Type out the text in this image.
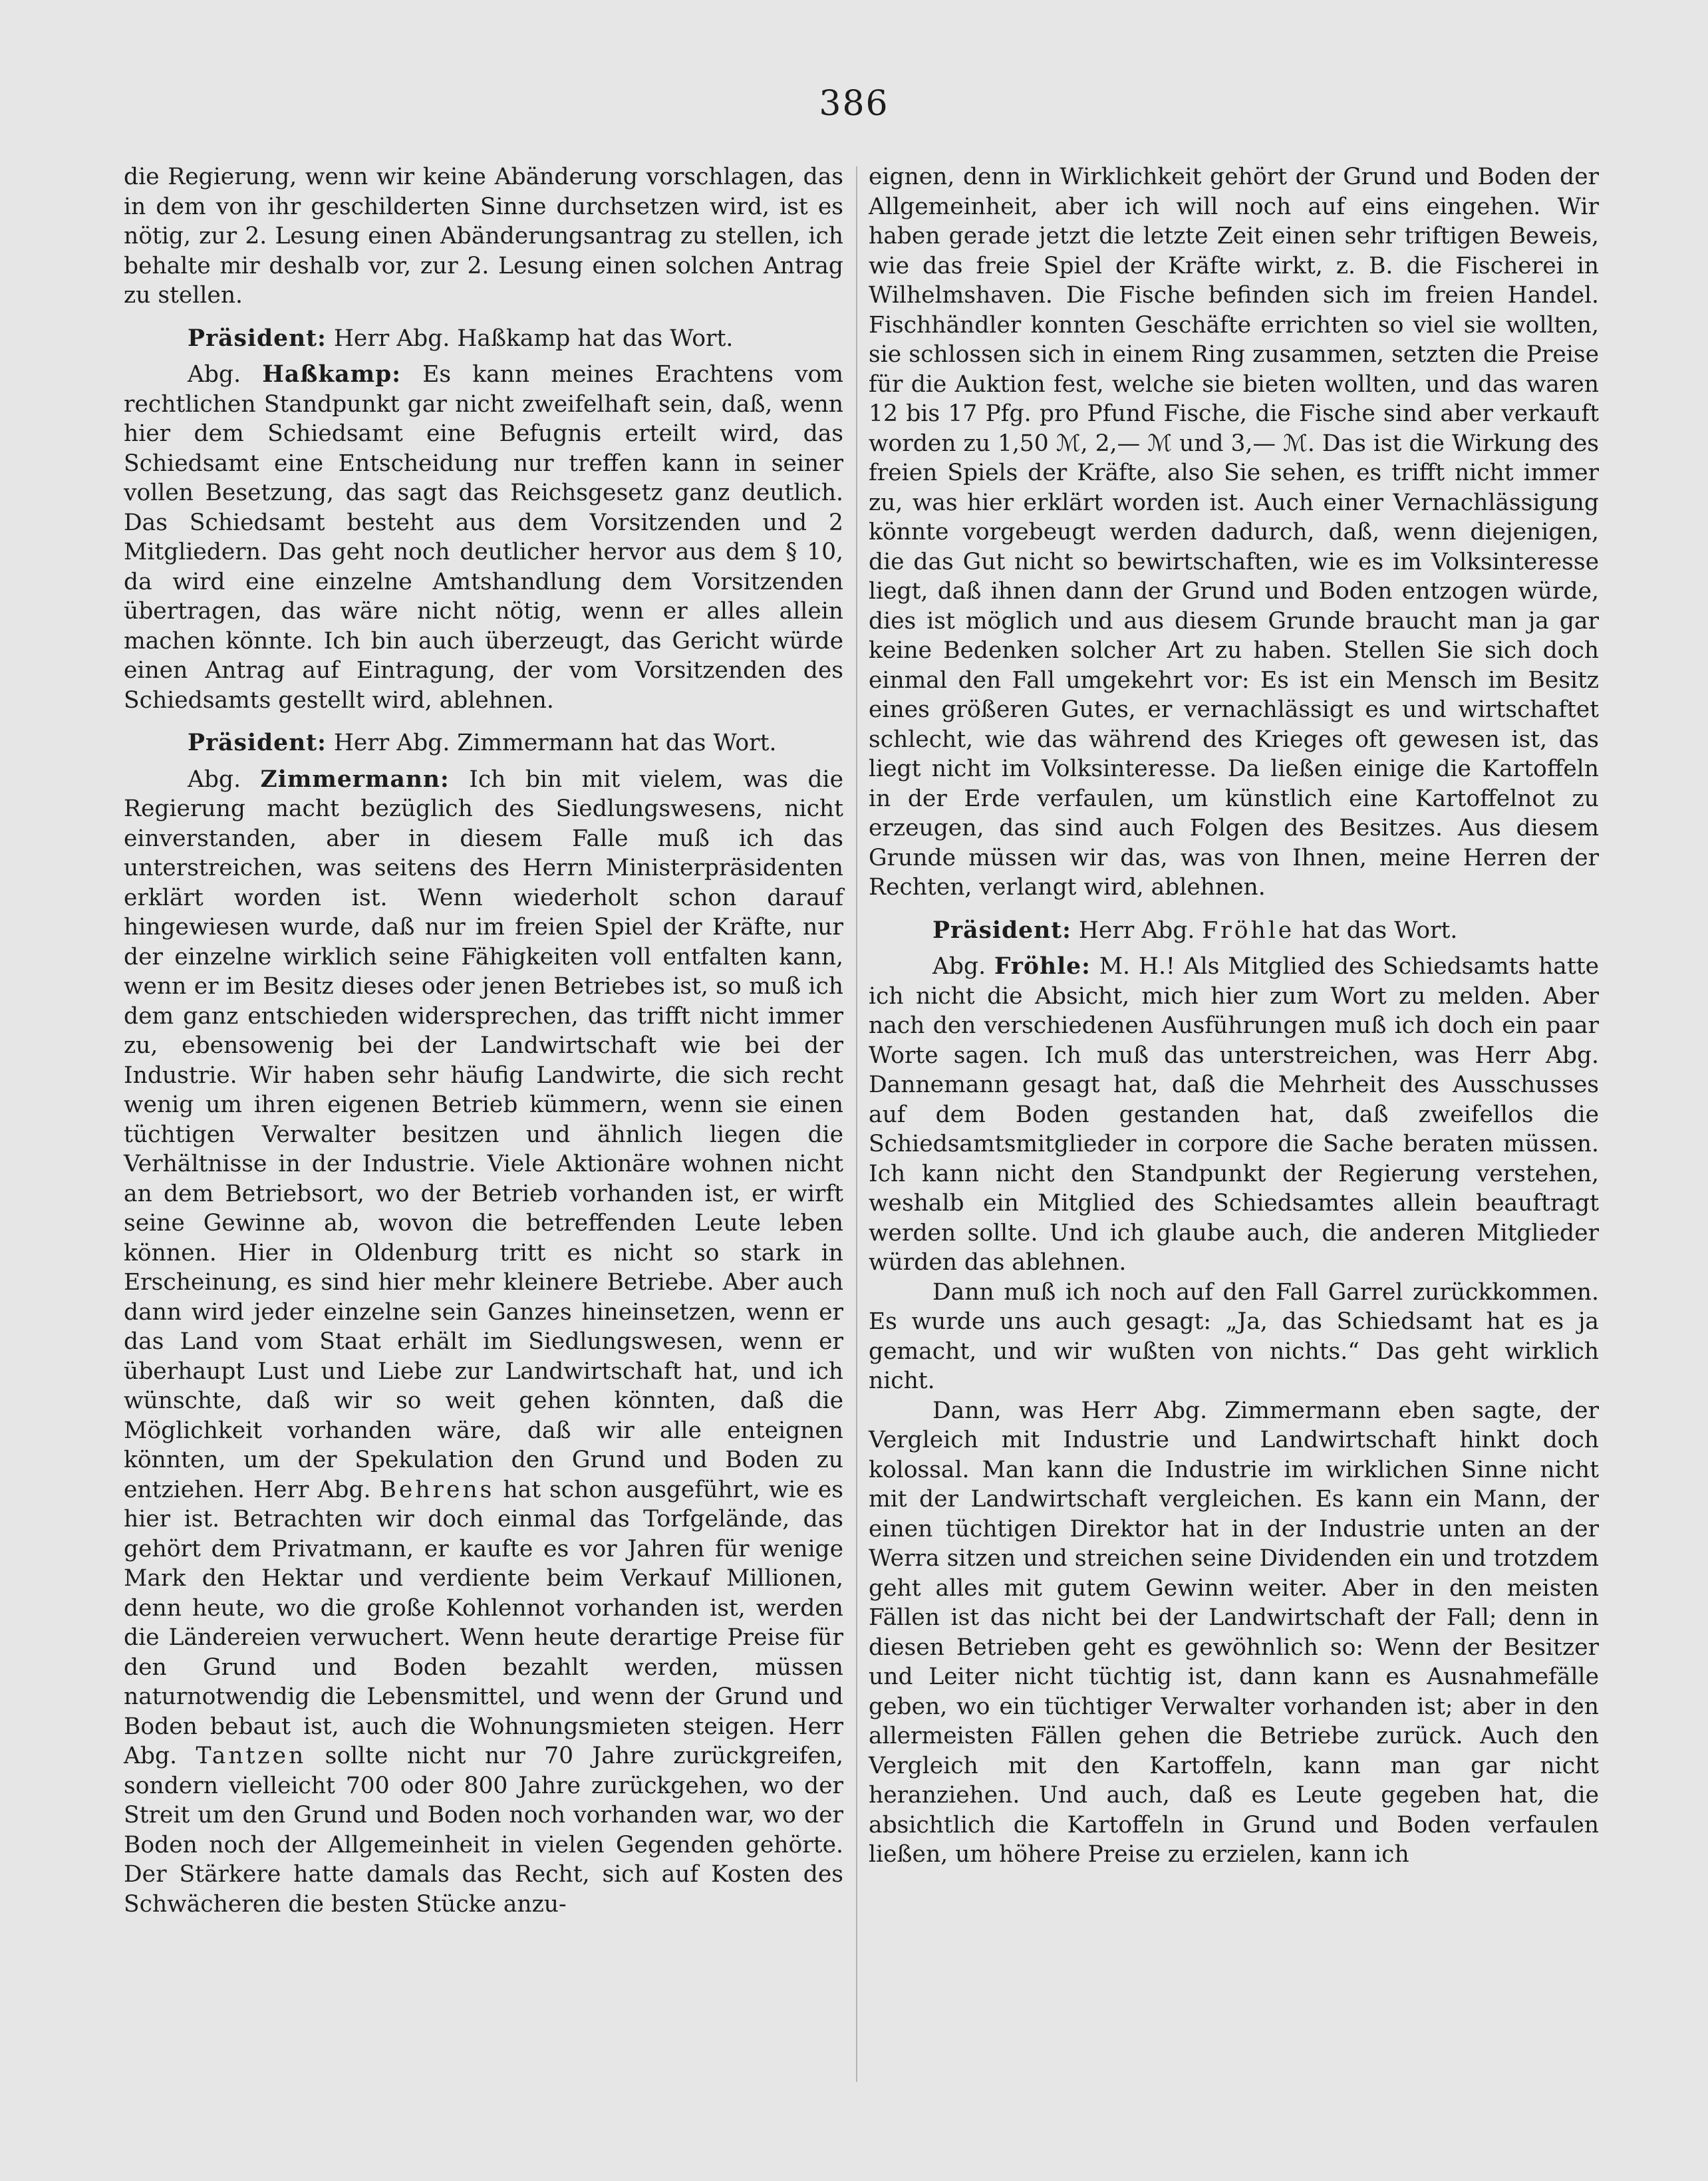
386

die Regierung, wenn wir keine Abänderung vorschlagen, das in dem von ihr geschilderten Sinne durchsetzen wird, ist es nötig, zur 2. Lesung einen Abänderungsantrag zu stellen, ich behalte mir deshalb vor, zur 2. Lesung einen solchen Antrag zu stellen.

Präsident: Herr Abg. Haßkamp hat das Wort.

Abg. Haßkamp: Es kann meines Erachtens vom rechtlichen Standpunkt gar nicht zweifelhaft sein, daß, wenn hier dem Schiedsamt eine Befugnis erteilt wird, das Schiedsamt eine Entscheidung nur treffen kann in seiner vollen Besetzung, das sagt das Reichsgesetz ganz deutlich. Das Schiedsamt besteht aus dem Vorsitzenden und 2 Mitgliedern. Das geht noch deutlicher hervor aus dem § 10, da wird eine einzelne Amtshandlung dem Vorsitzenden übertragen, das wäre nicht nötig, wenn er alles allein machen könnte. Ich bin auch überzeugt, das Gericht würde einen Antrag auf Eintragung, der vom Vorsitzenden des Schiedsamts gestellt wird, ablehnen.

Präsident: Herr Abg. Zimmermann hat das Wort.

Abg. Zimmermann: Ich bin mit vielem, was die Regierung macht bezüglich des Siedlungswesens, nicht einverstanden, aber in diesem Falle muß ich das unterstreichen, was seitens des Herrn Ministerpräsidenten erklärt worden ist. Wenn wiederholt schon darauf hingewiesen wurde, daß nur im freien Spiel der Kräfte, nur der einzelne wirklich seine Fähigkeiten voll entfalten kann, wenn er im Besitz dieses oder jenen Betriebes ist, so muß ich dem ganz entschieden widersprechen, das trifft nicht immer zu, ebensowenig bei der Landwirtschaft wie bei der Industrie. Wir haben sehr häufig Landwirte, die sich recht wenig um ihren eigenen Betrieb kümmern, wenn sie einen tüchtigen Verwalter besitzen und ähnlich liegen die Verhältnisse in der Industrie. Viele Aktionäre wohnen nicht an dem Betriebsort, wo der Betrieb vorhanden ist, er wirft seine Gewinne ab, wovon die betreffenden Leute leben können. Hier in Oldenburg tritt es nicht so stark in Erscheinung, es sind hier mehr kleinere Betriebe. Aber auch dann wird jeder einzelne sein Ganzes hineinsetzen, wenn er das Land vom Staat erhält im Siedlungswesen, wenn er überhaupt Lust und Liebe zur Landwirtschaft hat, und ich wünschte, daß wir so weit gehen könnten, daß die Möglichkeit vorhanden wäre, daß wir alle enteignen könnten, um der Spekulation den Grund und Boden zu entziehen. Herr Abg. Behrens hat schon ausgeführt, wie es hier ist. Betrachten wir doch einmal das Torfgelände, das gehört dem Privatmann, er kaufte es vor Jahren für wenige Mark den Hektar und verdiente beim Verkauf Millionen, denn heute, wo die große Kohlennot vorhanden ist, werden die Ländereien verwuchert. Wenn heute derartige Preise für den Grund und Boden bezahlt werden, müssen naturnotwendig die Lebensmittel, und wenn der Grund und Boden bebaut ist, auch die Wohnungsmieten steigen. Herr Abg. Tantzen sollte nicht nur 70 Jahre zurückgreifen, sondern vielleicht 700 oder 800 Jahre zurückgehen, wo der Streit um den Grund und Boden noch vorhanden war, wo der Boden noch der Allgemeinheit in vielen Gegenden gehörte. Der Stärkere hatte damals das Recht, sich auf Kosten des Schwächeren die besten Stücke anzu-

eignen, denn in Wirklichkeit gehört der Grund und Boden der Allgemeinheit, aber ich will noch auf eins eingehen. Wir haben gerade jetzt die letzte Zeit einen sehr triftigen Beweis, wie das freie Spiel der Kräfte wirkt, z. B. die Fischerei in Wilhelmshaven. Die Fische befinden sich im freien Handel. Fischhändler konnten Geschäfte errichten so viel sie wollten, sie schlossen sich in einem Ring zusammen, setzten die Preise für die Auktion fest, welche sie bieten wollten, und das waren 12 bis 17 Pfg. pro Pfund Fische, die Fische sind aber verkauft worden zu 1,50 ℳ, 2,— ℳ und 3,— ℳ. Das ist die Wirkung des freien Spiels der Kräfte, also Sie sehen, es trifft nicht immer zu, was hier erklärt worden ist. Auch einer Vernachlässigung könnte vorgebeugt werden dadurch, daß, wenn diejenigen, die das Gut nicht so bewirtschaften, wie es im Volksinteresse liegt, daß ihnen dann der Grund und Boden entzogen würde, dies ist möglich und aus diesem Grunde braucht man ja gar keine Bedenken solcher Art zu haben. Stellen Sie sich doch einmal den Fall umgekehrt vor: Es ist ein Mensch im Besitz eines größeren Gutes, er vernachlässigt es und wirtschaftet schlecht, wie das während des Krieges oft gewesen ist, das liegt nicht im Volksinteresse. Da ließen einige die Kartoffeln in der Erde verfaulen, um künstlich eine Kartoffelnot zu erzeugen, das sind auch Folgen des Besitzes. Aus diesem Grunde müssen wir das, was von Ihnen, meine Herren der Rechten, verlangt wird, ablehnen.

Präsident: Herr Abg. Fröhle hat das Wort.

Abg. Fröhle: M. H.! Als Mitglied des Schiedsamts hatte ich nicht die Absicht, mich hier zum Wort zu melden. Aber nach den verschiedenen Ausführungen muß ich doch ein paar Worte sagen. Ich muß das unterstreichen, was Herr Abg. Dannemann gesagt hat, daß die Mehrheit des Ausschusses auf dem Boden gestanden hat, daß zweifellos die Schiedsamtsmitglieder in corpore die Sache beraten müssen. Ich kann nicht den Standpunkt der Regierung verstehen, weshalb ein Mitglied des Schiedsamtes allein beauftragt werden sollte. Und ich glaube auch, die anderen Mitglieder würden das ablehnen.

Dann muß ich noch auf den Fall Garrel zurückkommen. Es wurde uns auch gesagt: „Ja, das Schiedsamt hat es ja gemacht, und wir wußten von nichts.“ Das geht wirklich nicht.

Dann, was Herr Abg. Zimmermann eben sagte, der Vergleich mit Industrie und Landwirtschaft hinkt doch kolossal. Man kann die Industrie im wirklichen Sinne nicht mit der Landwirtschaft vergleichen. Es kann ein Mann, der einen tüchtigen Direktor hat in der Industrie unten an der Werra sitzen und streichen seine Dividenden ein und trotzdem geht alles mit gutem Gewinn weiter. Aber in den meisten Fällen ist das nicht bei der Landwirtschaft der Fall; denn in diesen Betrieben geht es gewöhnlich so: Wenn der Besitzer und Leiter nicht tüchtig ist, dann kann es Ausnahmefälle geben, wo ein tüchtiger Verwalter vorhanden ist; aber in den allermeisten Fällen gehen die Betriebe zurück. Auch den Vergleich mit den Kartoffeln, kann man gar nicht heranziehen. Und auch, daß es Leute gegeben hat, die absichtlich die Kartoffeln in Grund und Boden verfaulen ließen, um höhere Preise zu erzielen, kann ich
